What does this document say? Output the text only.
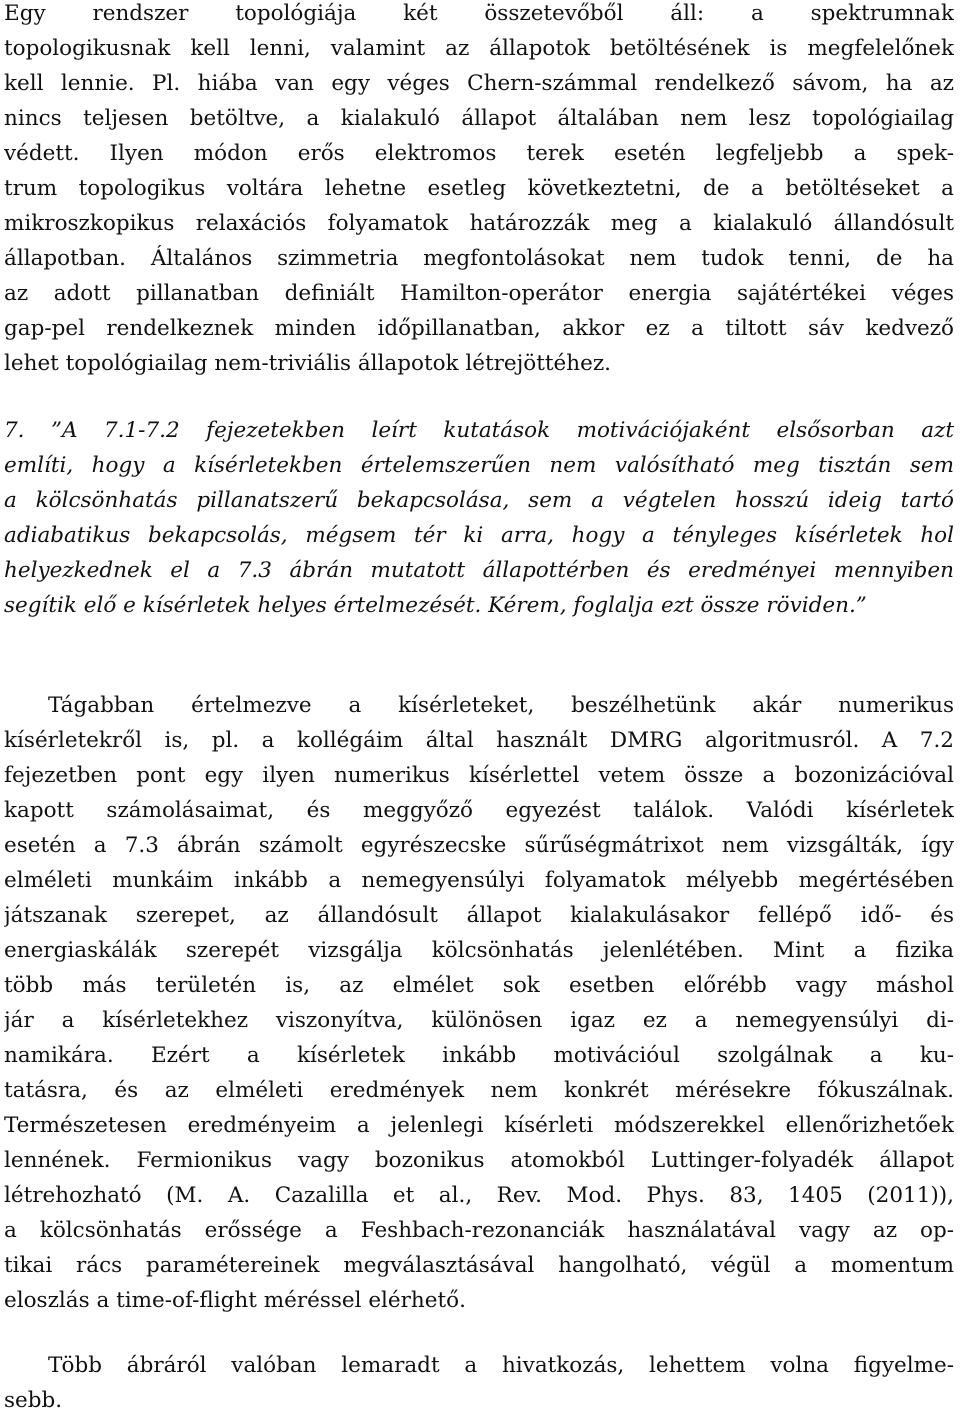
Egy rendszer topológiája két összetevőből áll: a spektrumnak
topologikusnak kell lenni, valamint az állapotok betöltésének is megfelelőnek
kell lennie. Pl. hiába van egy véges Chern-számmal rendelkező sávom, ha az
nincs teljesen betöltve, a kialakuló állapot általában nem lesz topológiailag
védett. Ilyen módon erős elektromos terek esetén legfeljebb a spek-
trum topologikus voltára lehetne esetleg következtetni, de a betöltéseket a
mikroszkopikus relaxációs folyamatok határozzák meg a kialakuló állandósult
állapotban. Általános szimmetria megfontolásokat nem tudok tenni, de ha
az adott pillanatban definiált Hamilton-operátor energia sajátértékei véges
gap-pel rendelkeznek minden időpillanatban, akkor ez a tiltott sáv kedvező
lehet topológiailag nem-triviális állapotok létrejöttéhez.
7. ”A 7.1-7.2 fejezetekben leírt kutatások motivációjaként elsősorban azt
említi, hogy a kísérletekben értelemszerűen nem valósítható meg tisztán sem
a kölcsönhatás pillanatszerű bekapcsolása, sem a végtelen hosszú ideig tartó
adiabatikus bekapcsolás, mégsem tér ki arra, hogy a tényleges kísérletek hol
helyezkednek el a 7.3 ábrán mutatott állapottérben és eredményei mennyiben
segítik elő e kísérletek helyes értelmezését. Kérem, foglalja ezt össze röviden.”
Tágabban értelmezve a kísérleteket, beszélhetünk akár numerikus
kísérletekről is, pl. a kollégáim által használt DMRG algoritmusról. A 7.2
fejezetben pont egy ilyen numerikus kísérlettel vetem össze a bozonizációval
kapott számolásaimat, és meggyőző egyezést találok. Valódi kísérletek
esetén a 7.3 ábrán számolt egyrészecske sűrűségmátrixot nem vizsgálták, így
elméleti munkáim inkább a nemegyensúlyi folyamatok mélyebb megértésében
játszanak szerepet, az állandósult állapot kialakulásakor fellépő idő- és
energiaskálák szerepét vizsgálja kölcsönhatás jelenlétében. Mint a fizika
több más területén is, az elmélet sok esetben előrébb vagy máshol
jár a kísérletekhez viszonyítva, különösen igaz ez a nemegyensúlyi di-
namikára. Ezért a kísérletek inkább motivációul szolgálnak a ku-
tatásra, és az elméleti eredmények nem konkrét mérésekre fókuszálnak.
Természetesen eredményeim a jelenlegi kísérleti módszerekkel ellenőrizhetőek
lennének. Fermionikus vagy bozonikus atomokból Luttinger-folyadék állapot
létrehozható (M. A. Cazalilla et al., Rev. Mod. Phys. 83, 1405 (2011)),
a kölcsönhatás erőssége a Feshbach-rezonanciák használatával vagy az op-
tikai rács paramétereinek megválasztásával hangolható, végül a momentum
eloszlás a time-of-flight méréssel elérhető.
Több ábráról valóban lemaradt a hivatkozás, lehettem volna figyelme-
sebb.
